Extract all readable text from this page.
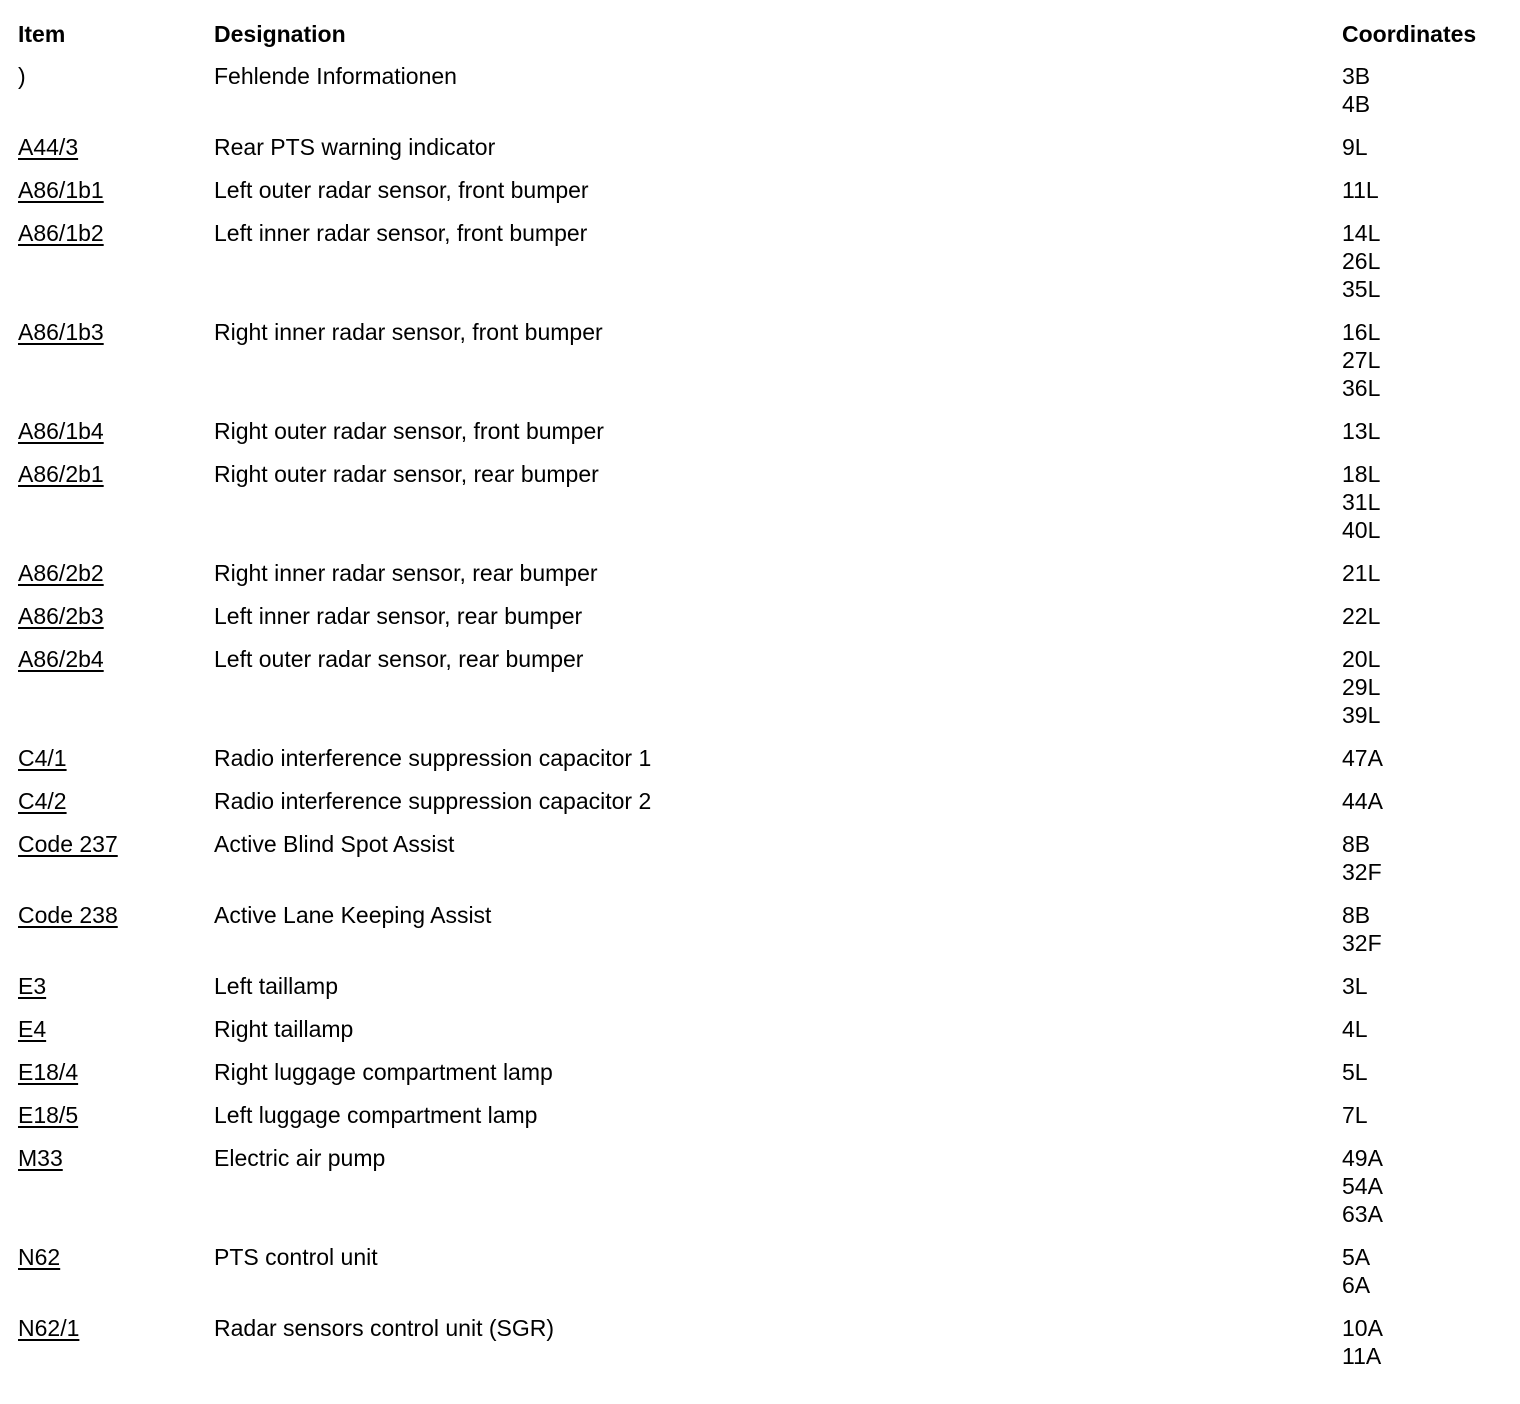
Item	Designation	Coordinates
)	Fehlende Informationen	3B
4B

A44/3	Rear PTS warning indicator	9L

A86/1b1	Left outer radar sensor, front bumper	11L

A86/1b2	Left inner radar sensor, front bumper	14L
26L
35L

A86/1b3	Right inner radar sensor, front bumper	16L
27L
36L

A86/1b4	Right outer radar sensor, front bumper	13L

A86/2b1	Right outer radar sensor, rear bumper	18L
31L
40L

A86/2b2	Right inner radar sensor, rear bumper	21L

A86/2b3	Left inner radar sensor, rear bumper	22L

A86/2b4	Left outer radar sensor, rear bumper	20L
29L
39L

C4/1	Radio interference suppression capacitor 1	47A

C4/2	Radio interference suppression capacitor 2	44A

Code 237	Active Blind Spot Assist	8B
32F

Code 238	Active Lane Keeping Assist	8B
32F

E3	Left taillamp	3L

E4	Right taillamp	4L

E18/4	Right luggage compartment lamp	5L

E18/5	Left luggage compartment lamp	7L

M33	Electric air pump	49A
54A
63A

N62	PTS control unit	5A
6A

N62/1	Radar sensors control unit (SGR)	10A
11A
